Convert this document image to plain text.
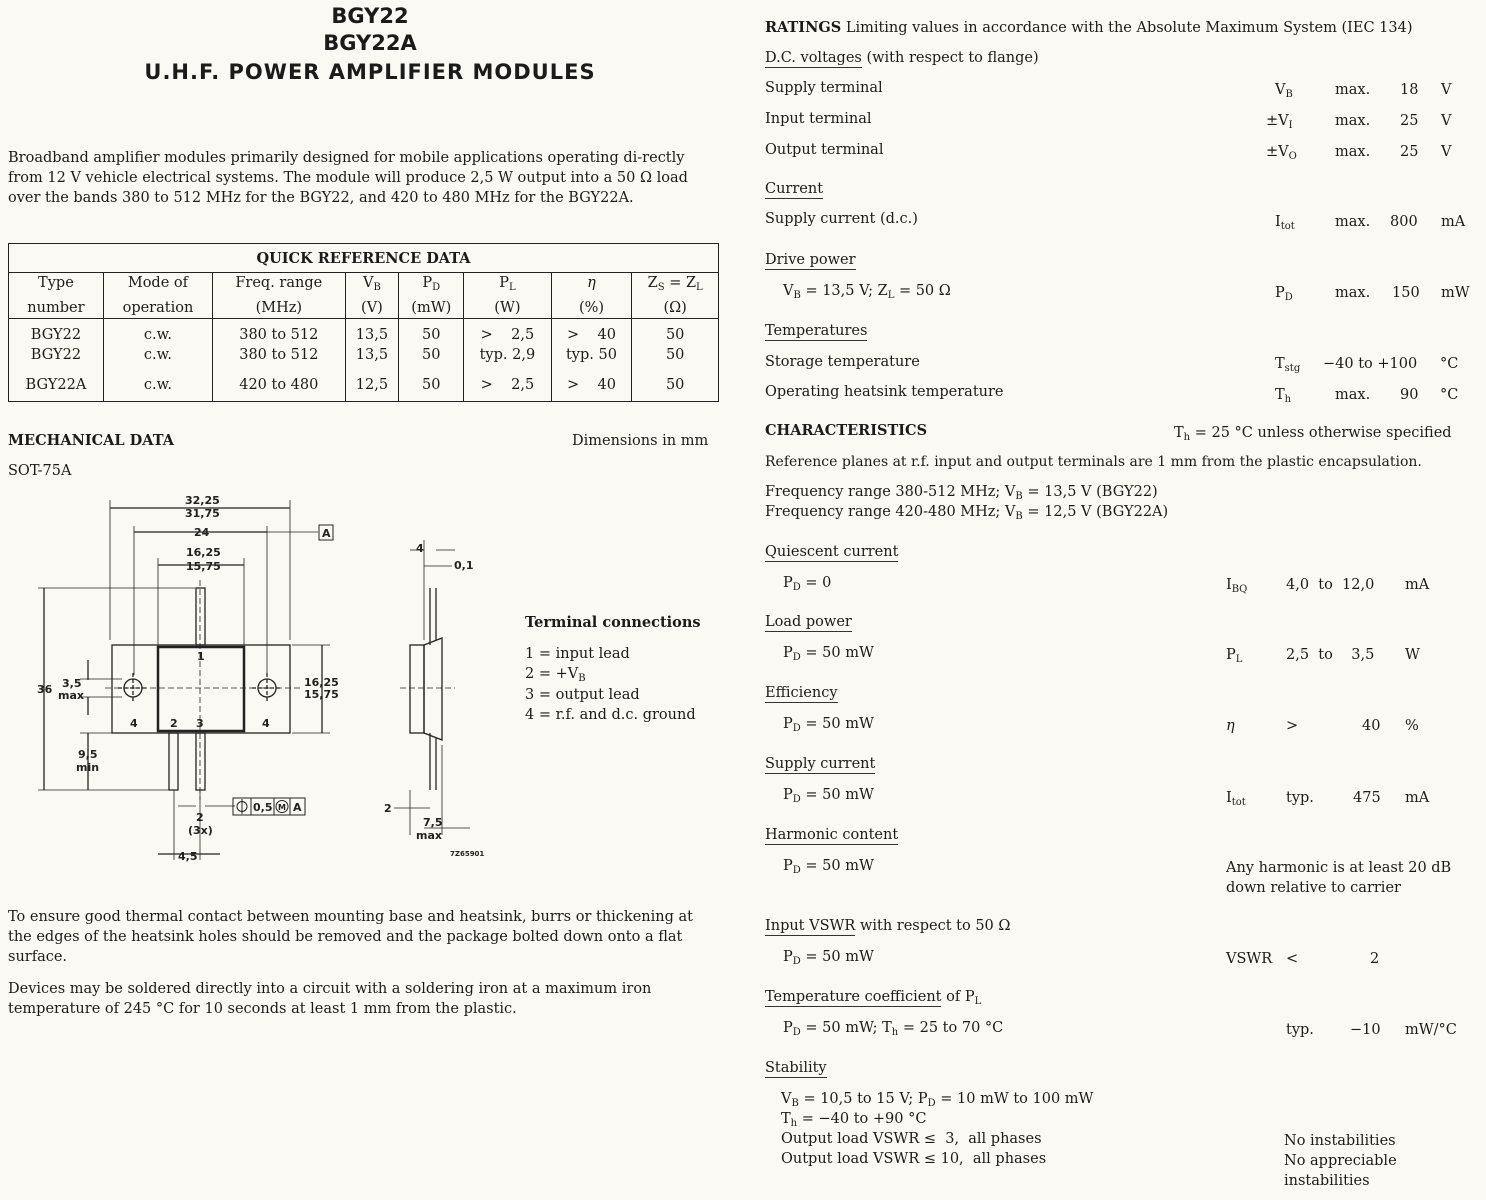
BGY22
BGY22A
U.H.F. POWER AMPLIFIER MODULES
Broadband amplifier modules primarily designed for mobile applications operating di-rectly from 12 V vehicle electrical systems. The module will produce 2,5 W output into a 50 Ω load over the bands 380 to 512 MHz for the BGY22, and 420 to 480 MHz for the BGY22A.
QUICK REFERENCE DATA							
Type	Mode of	Freq. range	$V_B$	$P_D$	$P_L$	η	$Z_S = Z_L$
number	operation	(MHz)	(V)	(mW)	(W)	(%)	(Ω)
BGY22	c.w.	380 to 512	13,5	50	>    2,5	>    40	50
BGY22	c.w.	380 to 512	13,5	50	typ. 2,9	typ. 50	50
BGY22A	c.w.	420 to 480	12,5	50	>    2,5	>    40	50
MECHANICAL DATA	Dimensions in mm
SOT-75A
32,25
31,75
24
16,25
15,75
A
36 3,5
max
16,25
15,75
9,5
min
1
2 3
4	4
2
(3x)
4,5
0,5 M A
4
0,1
2
7,5
max
7Z65901
Terminal connections
1 = input lead
$2 = +V_B$
3 = output lead
4 = r.f. and d.c. ground
To ensure good thermal contact between mounting base and heatsink, burrs or thickening at the edges of the heatsink holes should be removed and the package bolted down onto a flat surface.
Devices may be soldered directly into a circuit with a soldering iron at a maximum iron temperature of 245 °C for 10 seconds at least 1 mm from the plastic.
RATINGS Limiting values in accordance with the Absolute Maximum System (IEC 134)
D.C. voltages (with respect to flange)
Supply terminal	$V_B$	max. 18 V
Input terminal	$\pm V_I$	max. 25 V
Output terminal	$\pm V_O$	max. 25 V
Current
Supply current (d.c.)	$I_{tot}$	max. 800 mA
Drive power
$V_B = 13,5$ V; $Z_L = 50$ Ω	$P_D$	max. 150 mW
Temperatures
Storage temperature	$T_{stg} -40$ to +100 °C
Operating heatsink temperature	$T_h$	max. 90 °C
CHARACTERISTICS	$T_h = 25$ °C unless otherwise specified
Reference planes at r.f. input and output terminals are 1 mm from the plastic encapsulation.
Frequency range 380-512 MHz; $V_B = 13,5$ V (BGY22)
Frequency range 420-480 MHz; $V_B = 12,5$ V (BGY22A)
Quiescent current
$P_D = 0$	$I_{BQ}$	4,0  to  12,0 mA
Load power
$P_D = 50$ mW	$P_L$	2,5  to    3,5 W
Efficiency
$P_D = 50$ mW	η	>	40 %
Supply current
$P_D = 50$ mW	$I_{tot}$	typ.	475 mA
Harmonic content
$P_D = 50$ mW	Any harmonic is at least 20 dB
down relative to carrier
Input VSWR with respect to 50 Ω
$P_D = 50$ mW	VSWR <	2
Temperature coefficient of $P_L$
$P_D = 50$ mW; $T_h = 25$ to 70 °C	typ. −10 mW/°C
Stability
$V_B = 10,5$ to 15 V; $P_D = 10$ mW to 100 mW
$T_h = -40$ to +90 °C
Output load VSWR ≤  3,  all phases
Output load VSWR ≤ 10,  all phases
No instabilities
No appreciable
instabilities
